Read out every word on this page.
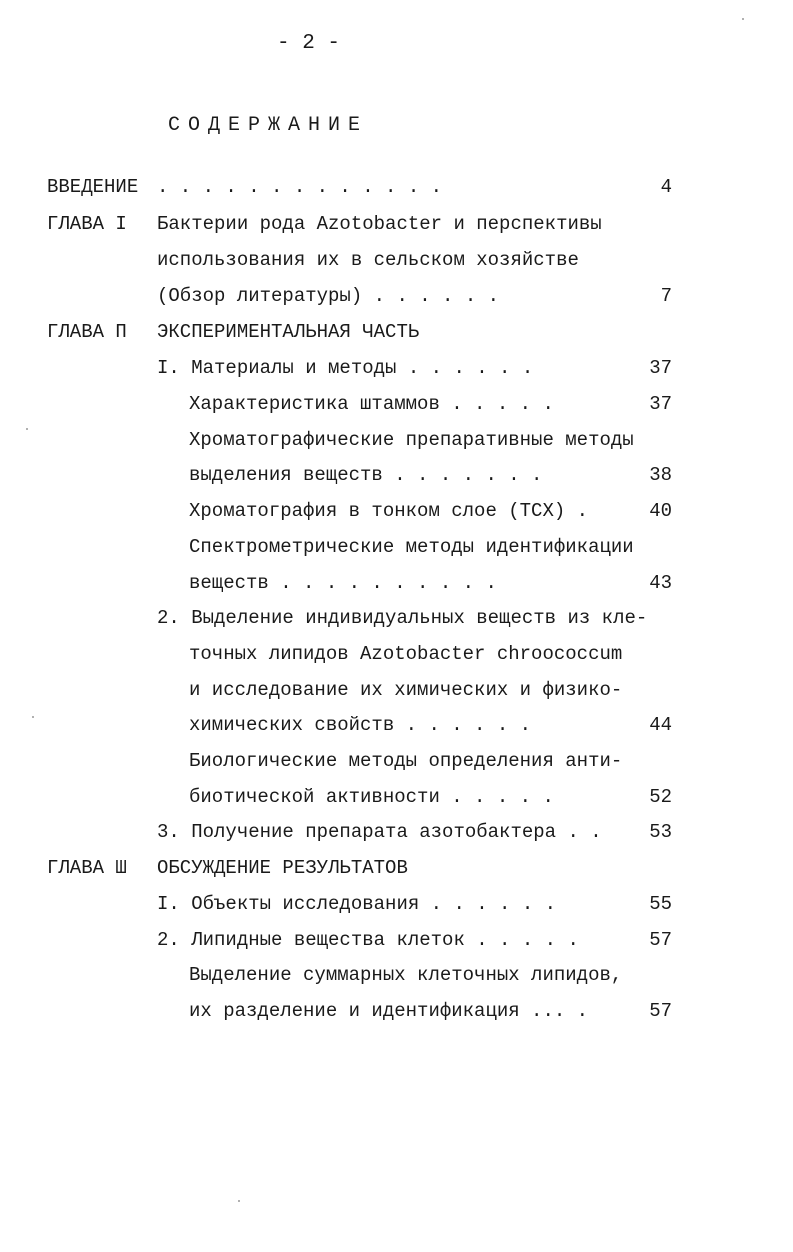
- 2 -
СОДЕРЖАНИЕ
ВВЕДЕНИЕ . . . . . . . . . . . . .	4
ГЛАВА I Бактерии рода Azotobacter и перспективы
использования их в сельском хозяйстве
(Обзор литературы) . . . . . .	7
ГЛАВА П ЭКСПЕРИМЕНТАЛЬНАЯ ЧАСТЬ
I. Материалы и методы . . . . . .	37
Характеристика штаммов . . . . .	37
Хроматографические препаративные методы
выделения веществ . . . . . . .	38
Хроматография в тонком слое (ТСХ) .	40
Спектрометрические методы идентификации
веществ . . . . . . . . . .	43
2. Выделение индивидуальных веществ из кле-
точных липидов Azotobacter chroococcum
и исследование их химических и физико-
химических свойств . . . . . .	44
Биологические методы определения анти-
биотической активности . . . . .	52
3. Получение препарата азотобактера . .	53
ГЛАВА Ш ОБСУЖДЕНИЕ РЕЗУЛЬТАТОВ
I. Объекты исследования . . . . . .	55
2. Липидные вещества клеток . . . . .	57
Выделение суммарных клеточных липидов,
их разделение и идентификация ... .	57
